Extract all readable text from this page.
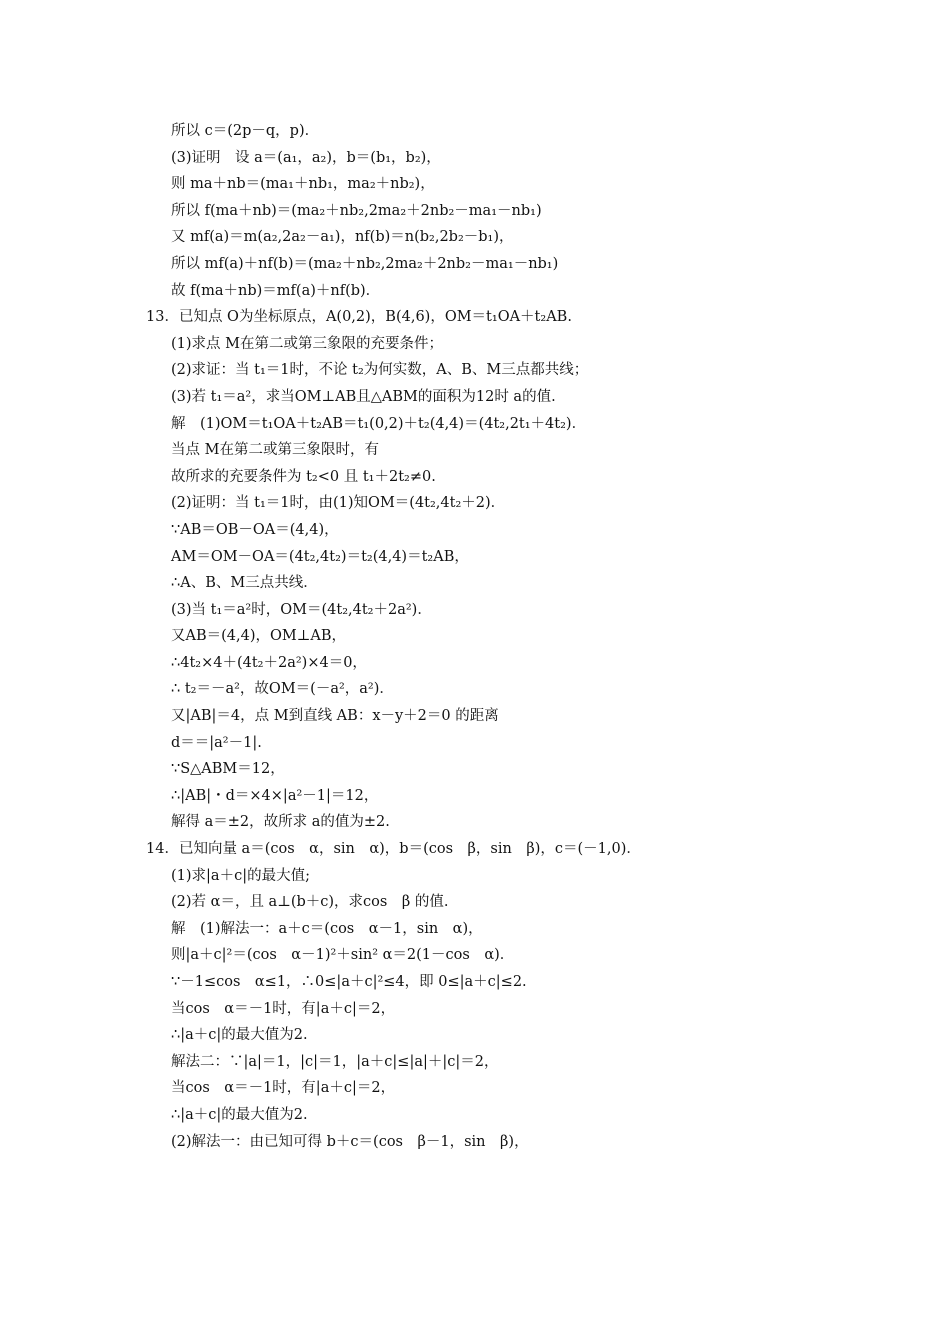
所以 c＝(2p－q，p)．
(3)证明　设 a＝(a₁，a₂)，b＝(b₁，b₂)，
则 ma＋nb＝(ma₁＋nb₁，ma₂＋nb₂)，
所以 f(ma＋nb)＝(ma₂＋nb₂,2ma₂＋2nb₂－ma₁－nb₁)
又 mf(a)＝m(a₂,2a₂－a₁)，nf(b)＝n(b₂,2b₂－b₁)，
所以 mf(a)＋nf(b)＝(ma₂＋nb₂,2ma₂＋2nb₂－ma₁－nb₁)
故 f(ma＋nb)＝mf(a)＋nf(b)．
13．已知点 O为坐标原点，A(0,2)，B(4,6)，OM＝t₁OA＋t₂AB.
(1)求点 M在第二或第三象限的充要条件；
(2)求证：当 t₁＝1时，不论 t₂为何实数，A、B、M三点都共线；
(3)若 t₁＝a²，求当OM⊥AB且△ABM的面积为12时 a的值.
解　(1)OM＝t₁OA＋t₂AB＝t₁(0,2)＋t₂(4,4)＝(4t₂,2t₁＋4t₂)．
当点 M在第二或第三象限时，有
故所求的充要条件为 t₂<0 且 t₁＋2t₂≠0.
(2)证明：当 t₁＝1时，由(1)知OM＝(4t₂,4t₂＋2)．
∵AB＝OB－OA＝(4,4)，
AM＝OM－OA＝(4t₂,4t₂)＝t₂(4,4)＝t₂AB，
∴A、B、M三点共线．
(3)当 t₁＝a²时，OM＝(4t₂,4t₂＋2a²)．
又AB＝(4,4)，OM⊥AB，
∴4t₂×4＋(4t₂＋2a²)×4＝0，
∴ t₂＝－a²，故OM＝(－a²，a²)．
又|AB|＝4，点 M到直线 AB：x－y＋2＝0 的距离
d＝＝|a²－1|.
∵S△ABM＝12，
∴|AB|・d＝×4×|a²－1|＝12，
解得 a＝±2，故所求 a的值为±2.
14．已知向量 a＝(cos　α，sin　α)，b＝(cos　β，sin　β)，c＝(－1,0)．
(1)求|a＋c|的最大值;
(2)若 α＝，且 a⊥(b＋c)，求cos　β 的值.
解　(1)解法一：a＋c＝(cos　α－1，sin　α)，
则|a＋c|²＝(cos　α－1)²＋sin² α＝2(1－cos　α)．
∵－1≤cos　α≤1，∴0≤|a＋c|²≤4，即 0≤|a＋c|≤2.
当cos　α＝－1时，有|a＋c|＝2，
∴|a＋c|的最大值为2.
解法二：∵|a|＝1，|c|＝1，|a＋c|≤|a|＋|c|＝2，
当cos　α＝－1时，有|a＋c|＝2，
∴|a＋c|的最大值为2.
(2)解法一：由已知可得 b＋c＝(cos　β－1，sin　β)，
